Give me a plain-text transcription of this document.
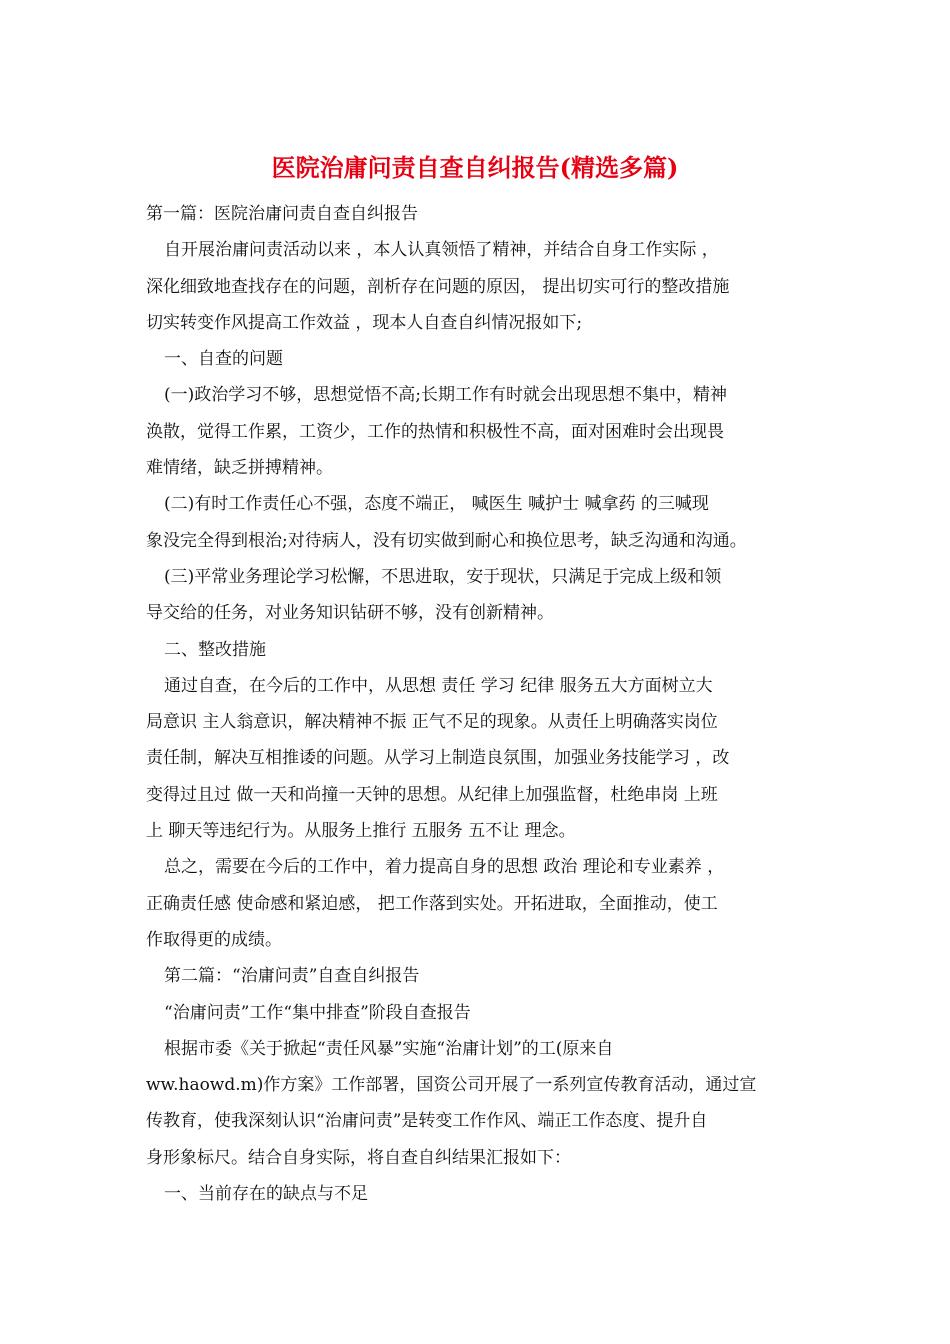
医院治庸问责自查自纠报告(精选多篇)
第一篇：医院治庸问责自查自纠报告
自开展治庸问责活动以来 ，本人认真领悟了精神，并结合自身工作实际 ，
深化细致地查找存在的问题，剖析存在问题的原因， 提出切实可行的整改措施
切实转变作风提高工作效益 ，现本人自查自纠情况报如下;
一、自查的问题
(一)政治学习不够，思想觉悟不高;长期工作有时就会出现思想不集中，精神
涣散，觉得工作累，工资少，工作的热情和积极性不高，面对困难时会出现畏
难情绪，缺乏拼搏精神。
(二)有时工作责任心不强，态度不端正， 喊医生 喊护士 喊拿药 的三喊现
象没完全得到根治;对待病人，没有切实做到耐心和换位思考，缺乏沟通和沟通。
(三)平常业务理论学习松懈，不思进取，安于现状，只满足于完成上级和领
导交给的任务，对业务知识钻研不够，没有创新精神。
二、整改措施
通过自查，在今后的工作中，从思想 责任 学习 纪律 服务五大方面树立大
局意识 主人翁意识，解决精神不振 正气不足的现象。从责任上明确落实岗位
责任制，解决互相推诿的问题。从学习上制造良氛围，加强业务技能学习 ，改
变得过且过 做一天和尚撞一天钟的思想。从纪律上加强监督，杜绝串岗 上班
上 聊天等违纪行为。从服务上推行 五服务 五不让 理念。
总之，需要在今后的工作中，着力提高自身的思想 政治 理论和专业素养 ，
正确责任感 使命感和紧迫感， 把工作落到实处。开拓进取，全面推动，使工
作取得更的成绩。
第二篇：“治庸问责”自查自纠报告
“治庸问责”工作“集中排查”阶段自查报告
根据市委《关于掀起“责任风暴”实施“治庸计划”的工(原来自
ww.haowd.m)作方案》工作部署，国资公司开展了一系列宣传教育活动，通过宣
传教育，使我深刻认识“治庸问责”是转变工作作风、端正工作态度、提升自
身形象标尺。结合自身实际，将自查自纠结果汇报如下：
一、当前存在的缺点与不足
